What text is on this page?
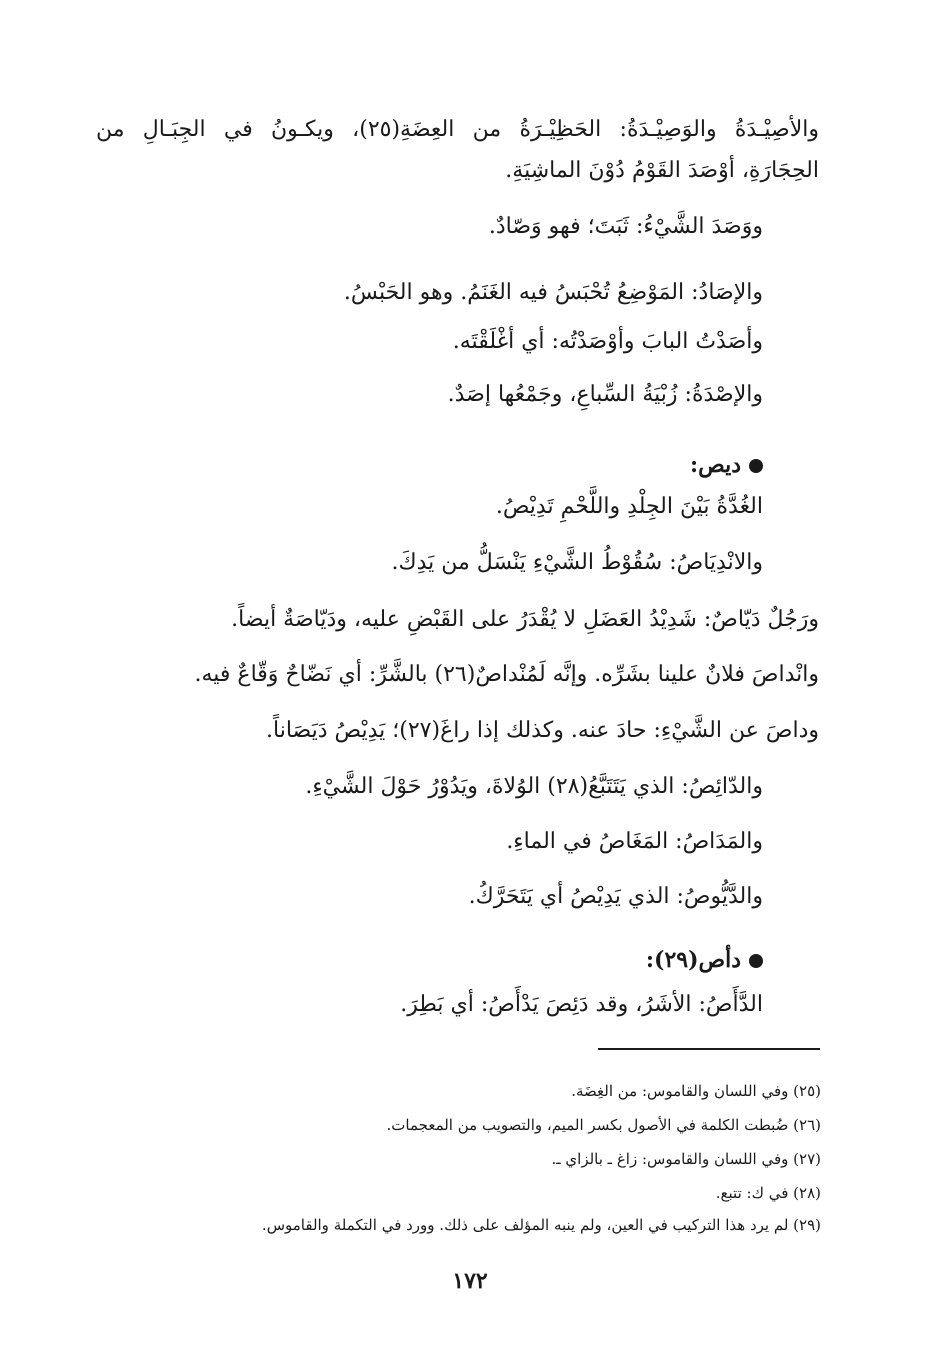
والأصِيْـدَةُ والوَصِيْـدَةُ: الحَظِيْـرَةُ من العِضَةِ(٢٥)، ويكـونُ في الجِبَـالِ من
الحِجَارَةِ، أوْصَدَ القَوْمُ دُوْنَ الماشِيَةِ.
ووَصَدَ الشَّيْءُ: ثَبَتَ؛ فهو وَصّادٌ.
والإصَادُ: المَوْضِعُ تُحْبَسُ فيه الغَنَمُ. وهو الحَبْسُ.
وأصَدْتُ البابَ وأوْصَدْتُه: أي أغْلَقْتَه.
والإصْدَةُ: زُبْيَةُ السِّباعِ، وجَمْعُها إصَدٌ.
ديص:
الغُدَّةُ بَيْنَ الجِلْدِ واللَّحْمِ تَدِيْصُ.
والانْدِيَاصُ: سُقُوْطُ الشَّيْءِ يَنْسَلُّ من يَدِكَ.
ورَجُلٌ دَيّاصٌ: شَدِيْدُ العَضَلِ لا يُقْدَرُ على القَبْضِ عليه، ودَيّاصَةٌ أيضاً.
وانْداصَ فلانٌ علينا بشَرِّه. وإنَّه لَمُنْداصٌ(٢٦) بالشَّرِّ: أي نَضّاحٌ وَقّاعٌ فيه.
وداصَ عن الشَّيْءِ: حادَ عنه. وكذلك إذا راغَ(٢٧)؛ يَدِيْصُ دَيَصَاناً.
والدّائِصُ: الذي يَتَتَبَّعُ(٢٨) الوُلاةَ، ويَدُوْرُ حَوْلَ الشَّيْءِ.
والمَدَاصُ: المَغَاصُ في الماءِ.
والدَّيُّوصُ: الذي يَدِيْصُ أي يَتَحَرَّكُ.
دأص(٢٩):
الدَّأَصُ: الأشَرُ، وقد دَئِصَ يَدْأَصُ: أي بَطِرَ.
(٢٥) وفي اللسان والقاموس: من الغِضَة.
(٢٦) ضُبطت الكلمة في الأصول بكسر الميم، والتصويب من المعجمات.
(٢٧) وفي اللسان والقاموس: زاغ ـ بالزاي ـ.
(٢٨) في ك: تتبع.
(٢٩) لم يرد هذا التركيب في العين، ولم ينبه المؤلف على ذلك. وورد في التكملة والقاموس.
١٧٢
